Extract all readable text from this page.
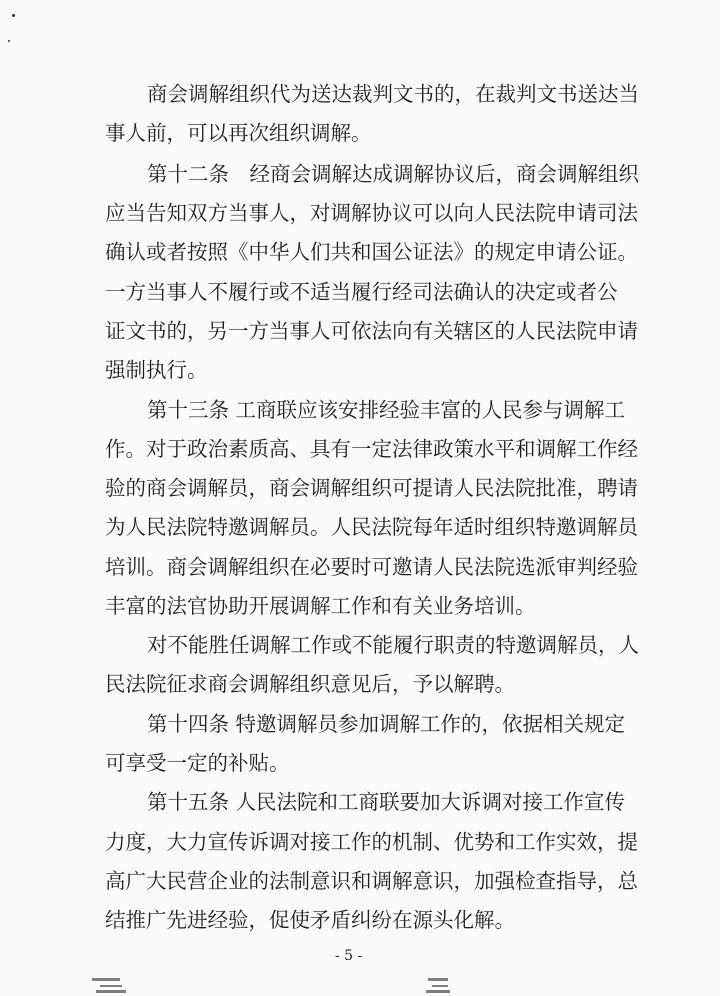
商会调解组织代为送达裁判文书的，在裁判文书送达当
事人前，可以再次组织调解。
第十二条　经商会调解达成调解协议后，商会调解组织
应当告知双方当事人，对调解协议可以向人民法院申请司法
确认或者按照《中华人们共和国公证法》的规定申请公证。
一方当事人不履行或不适当履行经司法确认的决定或者公
证文书的，另一方当事人可依法向有关辖区的人民法院申请
强制执行。
第十三条 工商联应该安排经验丰富的人民参与调解工
作。对于政治素质高、具有一定法律政策水平和调解工作经
验的商会调解员，商会调解组织可提请人民法院批准，聘请
为人民法院特邀调解员。人民法院每年适时组织特邀调解员
培训。商会调解组织在必要时可邀请人民法院选派审判经验
丰富的法官协助开展调解工作和有关业务培训。
对不能胜任调解工作或不能履行职责的特邀调解员，人
民法院征求商会调解组织意见后，予以解聘。
第十四条 特邀调解员参加调解工作的，依据相关规定
可享受一定的补贴。
第十五条 人民法院和工商联要加大诉调对接工作宣传
力度，大力宣传诉调对接工作的机制、优势和工作实效，提
高广大民营企业的法制意识和调解意识，加强检查指导，总
结推广先进经验，促使矛盾纠纷在源头化解。
- 5 -
